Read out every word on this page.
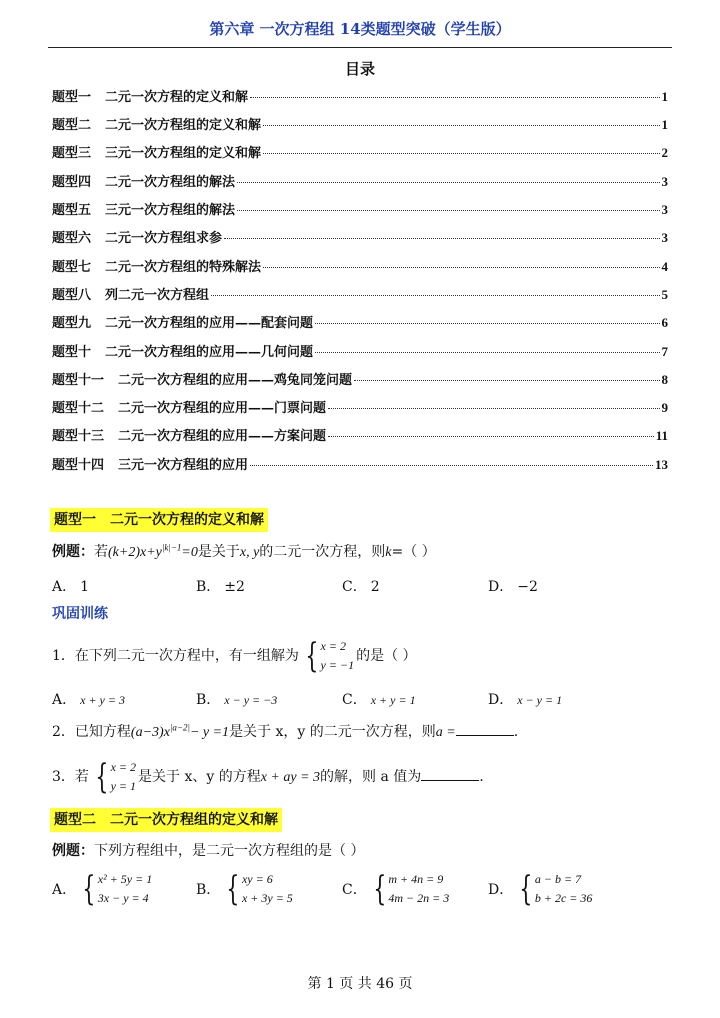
第六章 一次方程组 14类题型突破（学生版）
目录
题型一 二元一次方程的定义和解	1
题型二 二元一次方程组的定义和解	1
题型三 三元一次方程组的定义和解	2
题型四 二元一次方程组的解法	3
题型五 三元一次方程组的解法	3
题型六 二元一次方程组求参	3
题型七 二元一次方程组的特殊解法	4
题型八 列二元一次方程组	5
题型九 二元一次方程组的应用——配套问题	6
题型十 二元一次方程组的应用——几何问题	7
题型十一 二元一次方程组的应用——鸡兔同笼问题	8
题型十二 二元一次方程组的应用——门票问题	9
题型十三 二元一次方程组的应用——方案问题	11
题型十四 三元一次方程组的应用	13
题型一 二元一次方程的定义和解
例题：若$(k+2)x+y^{|k|-1}=0$是关于x, y的二元一次方程，则k=（ ）
A． 1	B． ±2	C． 2	D． −2
巩固训练
1．在下列二元一次方程中，有一组解为 { x = 2
y = −1
的是（ ）
A． x + y = 3	B． x − y = −3	C． x + y = 1	D． x − y = 1
2．已知方程$(a-3)x^{|a-2|}- y =1$是关于 x，y 的二元一次方程，则a =	.
3．若 { x = 2
y = 1
是关于 x、y 的方程x + ay = 3的解，则 a 值为	.
题型二 二元一次方程组的定义和解
例题：下列方程组中，是二元一次方程组的是（ ）
A． { x² + 5y = 1
3x − y = 4	B． { xy = 6
x + 3y = 5	C． { m + 4n = 9
4m − 2n = 3	D． { a − b = 7
b + 2c = 36
第 1 页 共 46 页
